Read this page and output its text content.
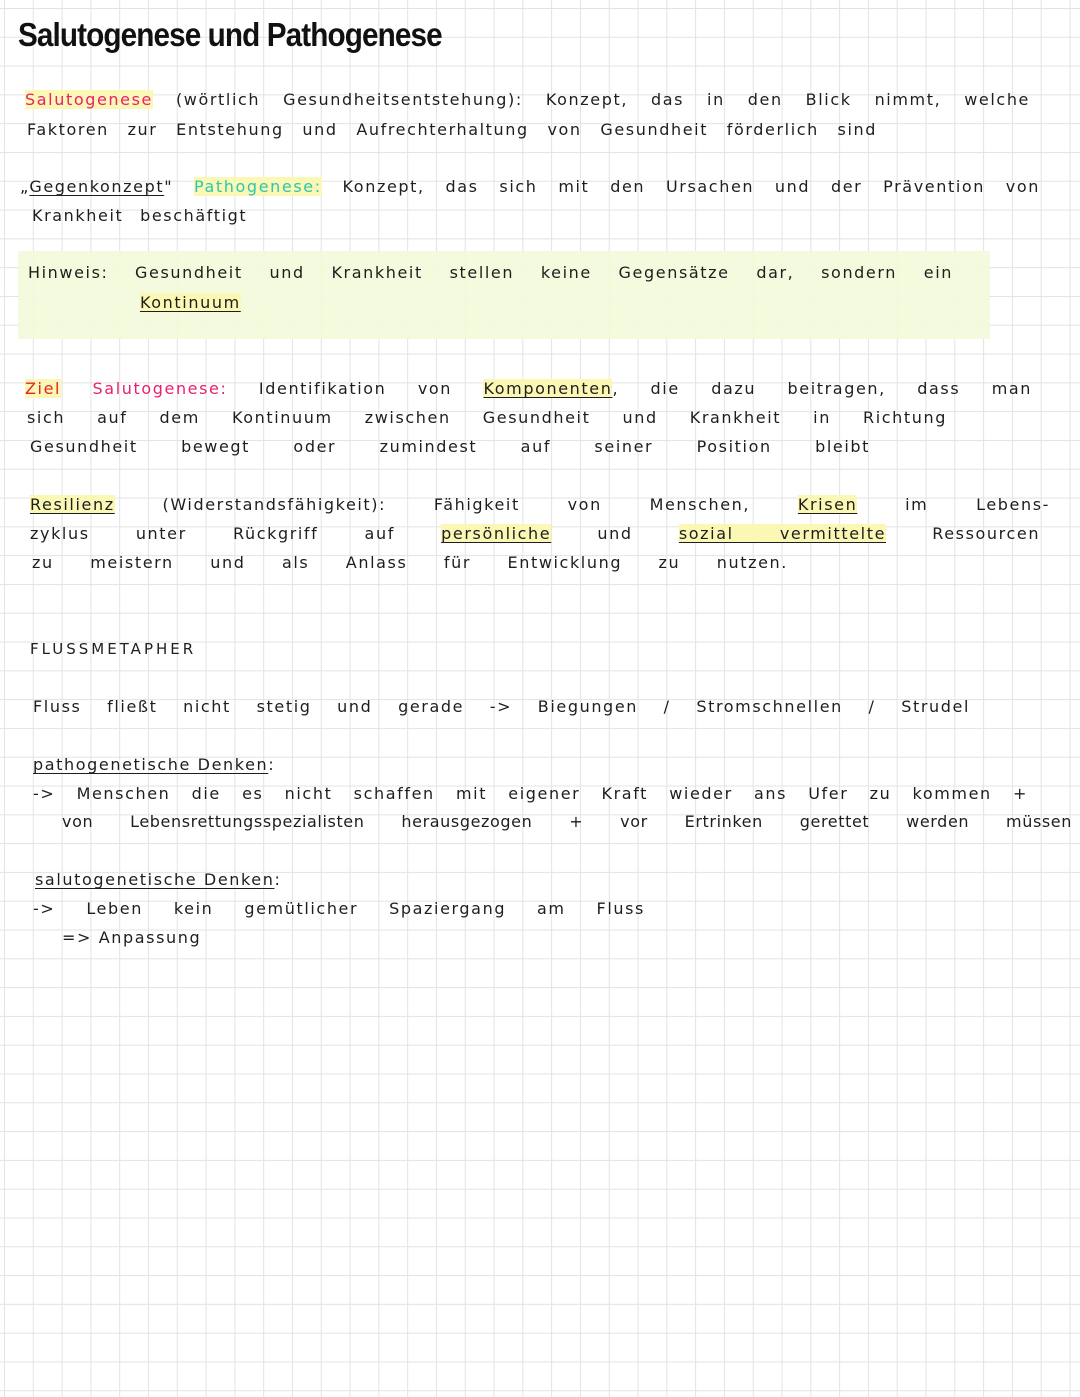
Salutogenese und Pathogenese
Salutogenese (wörtlich Gesundheitsentstehung): Konzept, das in den Blick nimmt, welche
Faktoren zur Entstehung und Aufrechterhaltung von Gesundheit förderlich sind
„Gegenkonzept" Pathogenese: Konzept, das sich mit den Ursachen und der Prävention von
Krankheit beschäftigt
Hinweis: Gesundheit und Krankheit stellen keine Gegensätze dar, sondern ein
Kontinuum
Ziel Salutogenese: Identifikation von Komponenten, die dazu beitragen, dass man
sich auf dem Kontinuum zwischen Gesundheit und Krankheit in Richtung
Gesundheit bewegt oder zumindest auf seiner Position bleibt
Resilienz	(Widerstandsfähigkeit): Fähigkeit von Menschen,	Krisen	im Lebens-
zyklus unter Rückgriff auf	persönliche	und	sozial vermittelte	Ressourcen
zu meistern und als Anlass für Entwicklung zu nutzen.
FLUSSMETAPHER
Fluss fließt nicht stetig und gerade -> Biegungen / Stromschnellen / Strudel
pathogenetische Denken:
-> Menschen die es nicht schaffen mit eigener Kraft wieder ans Ufer zu kommen +
von Lebensrettungsspezialisten herausgezogen + vor Ertrinken gerettet werden müssen
salutogenetische Denken:
-> Leben kein gemütlicher Spaziergang am Fluss
=> Anpassung
